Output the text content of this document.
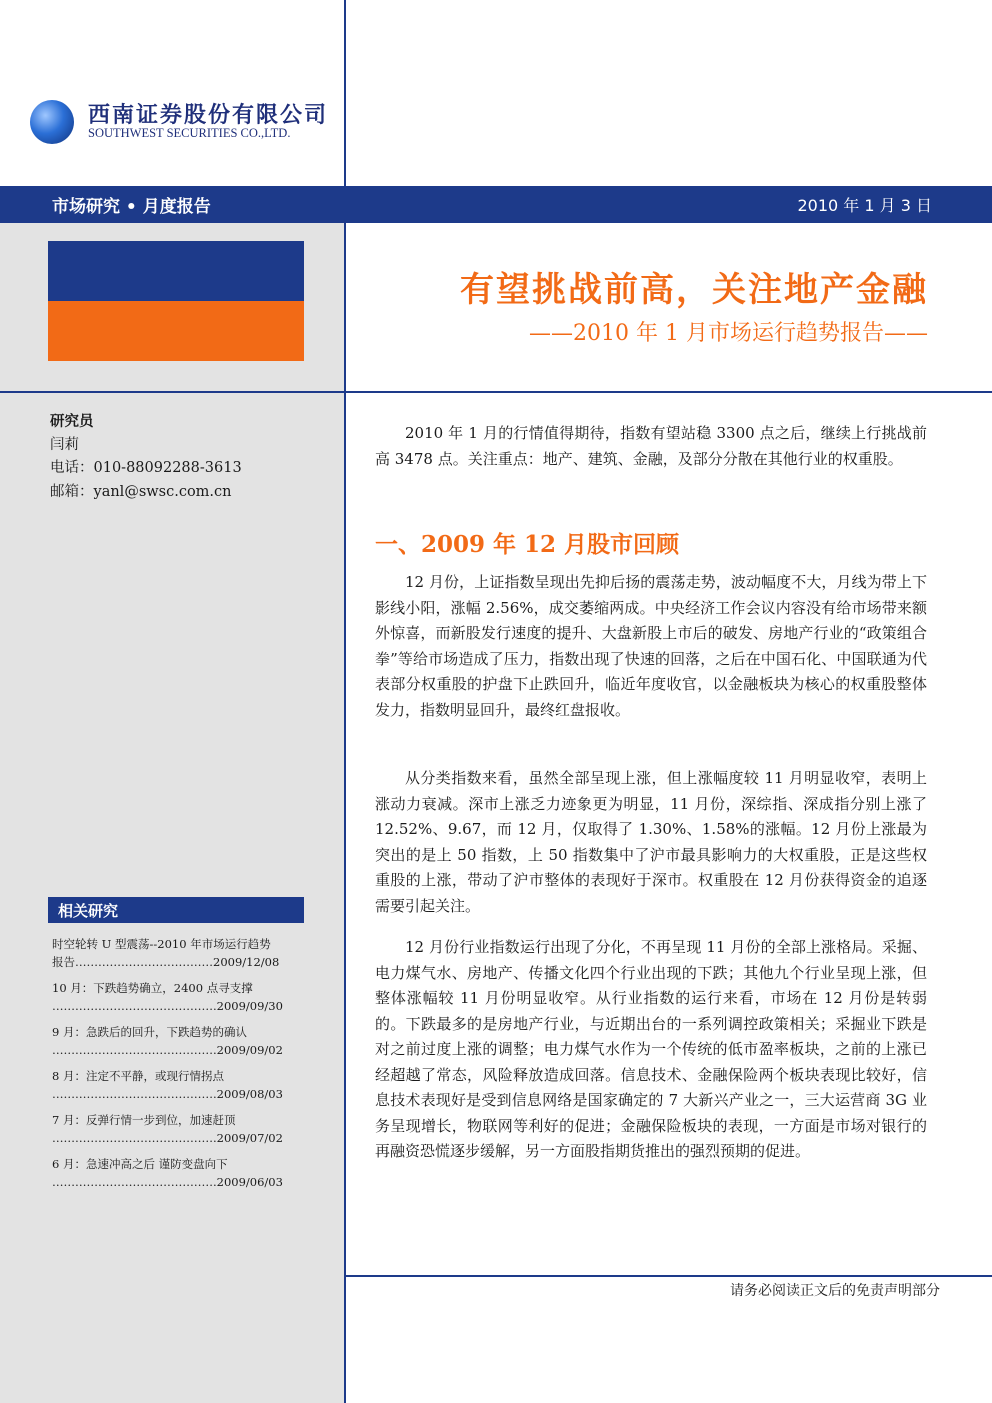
西南证券股份有限公司
SOUTHWEST SECURITIES CO.,LTD.
市场研究 • 月度报告	2010 年 1 月 3 日
有望挑战前高，关注地产金融
——2010 年 1 月市场运行趋势报告——
研究员
闫莉
电话：010-88092288-3613
邮箱：yanl@swsc.com.cn
相关研究
时空轮转 U 型震荡--2010 年市场运行趋势
报告………………………………2009/12/08
10 月：下跌趋势确立，2400 点寻支撑
…………………………………….2009/09/30
9 月：急跌后的回升，下跌趋势的确认
…………………………………….2009/09/02
8 月：注定不平静，或现行情拐点
…………………………………….2009/08/03
7 月：反弹行情一步到位，加速赶顶
…………………………………….2009/07/02
6 月：急速冲高之后 谨防变盘向下
…………………………………….2009/06/03

2010 年 1 月的行情值得期待，指数有望站稳 3300 点之后，继续上行挑战前高 3478 点。关注重点：地产、建筑、金融，及部分分散在其他行业的权重股。

一、2009 年 12 月股市回顾

12 月份，上证指数呈现出先抑后扬的震荡走势，波动幅度不大，月线为带上下影线小阳，涨幅 2.56%，成交萎缩两成。中央经济工作会议内容没有给市场带来额外惊喜，而新股发行速度的提升、大盘新股上市后的破发、房地产行业的“政策组合拳”等给市场造成了压力，指数出现了快速的回落，之后在中国石化、中国联通为代表部分权重股的护盘下止跌回升，临近年度收官，以金融板块为核心的权重股整体发力，指数明显回升，最终红盘报收。

从分类指数来看，虽然全部呈现上涨，但上涨幅度较 11 月明显收窄，表明上涨动力衰减。深市上涨乏力迹象更为明显，11 月份，深综指、深成指分别上涨了 12.52%、9.67，而 12 月，仅取得了 1.30%、1.58%的涨幅。12 月份上涨最为突出的是上 50 指数，上 50 指数集中了沪市最具影响力的大权重股，正是这些权重股的上涨，带动了沪市整体的表现好于深市。权重股在 12 月份获得资金的追逐需要引起关注。

12 月份行业指数运行出现了分化，不再呈现 11 月份的全部上涨格局。采掘、电力煤气水、房地产、传播文化四个行业出现的下跌；其他九个行业呈现上涨，但整体涨幅较 11 月份明显收窄。从行业指数的运行来看，市场在 12 月份是转弱的。下跌最多的是房地产行业，与近期出台的一系列调控政策相关；采掘业下跌是对之前过度上涨的调整；电力煤气水作为一个传统的低市盈率板块，之前的上涨已经超越了常态，风险释放造成回落。信息技术、金融保险两个板块表现比较好，信息技术表现好是受到信息网络是国家确定的 7 大新兴产业之一，三大运营商 3G 业务呈现增长，物联网等利好的促进；金融保险板块的表现，一方面是市场对银行的再融资恐慌逐步缓解，另一方面股指期货推出的强烈预期的促进。

请务必阅读正文后的免责声明部分
